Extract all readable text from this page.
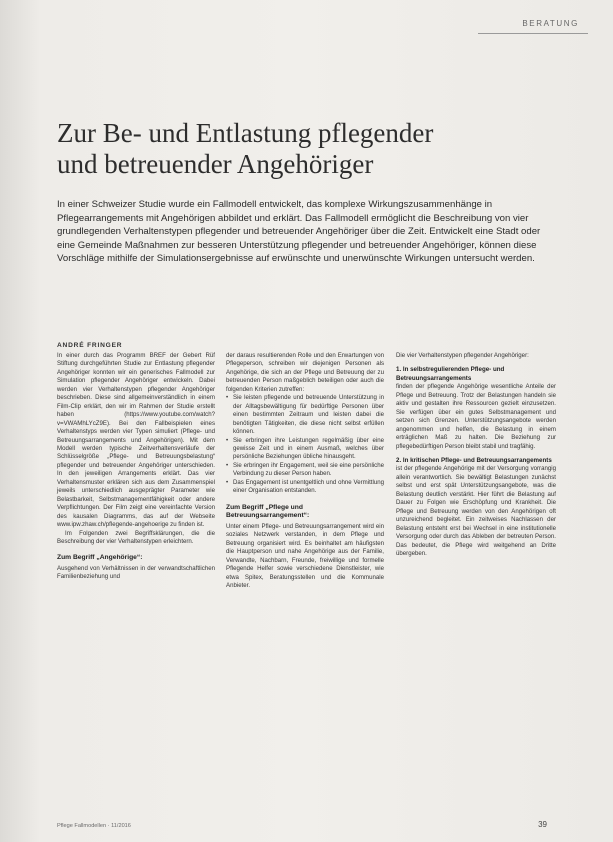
BERATUNG
Zur Be- und Entlastung pflegender
und betreuender Angehöriger
In einer Schweizer Studie wurde ein Fallmodell entwickelt, das komplexe Wirkungszusammenhänge in Pflegearrangements mit Angehörigen abbildet und erklärt. Das Fallmodell ermöglicht die Beschreibung von vier grundlegenden Verhaltenstypen pflegender und betreuender Angehöriger über die Zeit. Entwickelt eine Stadt oder eine Gemeinde Maßnahmen zur besseren Unterstützung pflegender und betreuender Angehöriger, können diese Vorschläge mithilfe der Simulationsergebnisse auf erwünschte und unerwünschte Wirkungen untersucht werden.
ANDRÉ FRINGER

In einer durch das Programm BREF der Gebert Rüf Stiftung durchgeführten Studie zur Entlastung pflegender Angehöriger konnten wir ein generisches Fallmodell zur Simulation pflegender Angehöriger entwickeln. Dabei werden vier Verhaltenstypen pflegender Angehöriger beschrieben. Diese sind allgemeinverständlich in einem Film-Clip erklärt, den wir im Rahmen der Studie erstellt haben (https://www.youtube.com/watch?v=VWAMhLYcZ9E). Bei den Fallbeispielen eines Verhaltenstyps werden vier Typen simuliert (Pflege- und Betreuungsarrangements und Angehörigen). Mit dem Modell werden typische Zeitverhaltensverläufe der Schlüsselgröße „Pflege- und Betreuungsbelastung“ pflegender und betreuender Angehöriger unterschieden. In den jeweiligen Arrangements erklärt. Das vier Verhaltensmuster erklären sich aus dem Zusammenspiel jeweils unterschiedlich ausgeprägter Parameter wie Belastbarkeit, Selbstmanagementfähigkeit oder andere Verpflichtungen. Der Film zeigt eine vereinfachte Version des kausalen Diagramms, das auf der Webseite www.ipw.zhaw.ch/pflegende-angehoerige zu finden ist.

Im Folgenden zwei Begriffsklärungen, die die Beschreibung der vier Verhaltenstypen erleichtern.

Zum Begriff „Angehörige“:

Ausgehend von Verhältnissen in der verwandtschaftlichen Familienbeziehung und

der daraus resultierenden Rolle und den Erwartungen von Pflegeperson, schreiben wir diejenigen Personen als Angehörige, die sich an der Pflege und Betreuung der zu betreuenden Person maßgeblich beteiligen oder auch die folgenden Kriterien zutreffen:

• Sie leisten pflegende und betreuende Unterstützung in der Alltagsbewältigung für bedürftige Personen über einen bestimmten Zeitraum und leisten dabei die benötigten Tätigkeiten, die diese nicht selbst erfüllen können.
• Sie erbringen ihre Leistungen regelmäßig über eine gewisse Zeit und in einem Ausmaß, welches über persönliche Beziehungen übliche hinausgeht.
• Sie erbringen ihr Engagement, weil sie eine persönliche Verbindung zu dieser Person haben.
• Das Engagement ist unentgeltlich und ohne Vermittlung einer Organisation entstanden.
Zum Begriff „Pflege und Betreuungsarrangement“:

Unter einem Pflege- und Betreuungsarrangement wird ein soziales Netzwerk verstanden, in dem Pflege und Betreuung organisiert wird. Es beinhaltet am häufigsten die Hauptperson und nahe Angehörige aus der Familie, Verwandte, Nachbarn, Freunde, freiwillige und formelle Pflegende Helfer sowie verschiedene Dienstleister, wie etwa Spitex, Beratungsstellen und die Kommunale Anbieter.

Die vier Verhaltenstypen pflegender Angehöriger:

1. In selbstregulierenden Pflege- und Betreuungsarrangements

finden der pflegende Angehörige wesentliche Anteile der Pflege und Betreuung. Trotz der Belastungen handeln sie aktiv und gestalten ihre Ressourcen gezielt einzusetzen. Sie verfügen über ein gutes Selbstmanagement und setzen sich Grenzen. Unterstützungsangebote werden angenommen und helfen, die Belastung in einem erträglichen Maß zu halten. Die Beziehung zur pflegebedürftigen Person bleibt stabil und tragfähig.

2. In kritischen Pflege- und Betreuungsarrangements

ist der pflegende Angehörige mit der Versorgung vorrangig allein verantwortlich. Sie bewältigt Belastungen zunächst selbst und erst spät Unterstützungsangebote, was die Belastung deutlich verstärkt. Hier führt die Belastung auf Dauer zu Folgen wie Erschöpfung und Krankheit. Die Pflege und Betreuung werden von den Angehörigen oft unzureichend begleitet. Ein zeitweises Nachlassen der Belastung entsteht erst bei Wechsel in eine institutionelle Versorgung oder durch das Ableben der betreuten Person. Das bedeutet, die Pflege wird weitgehend an Dritte übergeben.

Pflege Fallmodellen · 11/2016	39
